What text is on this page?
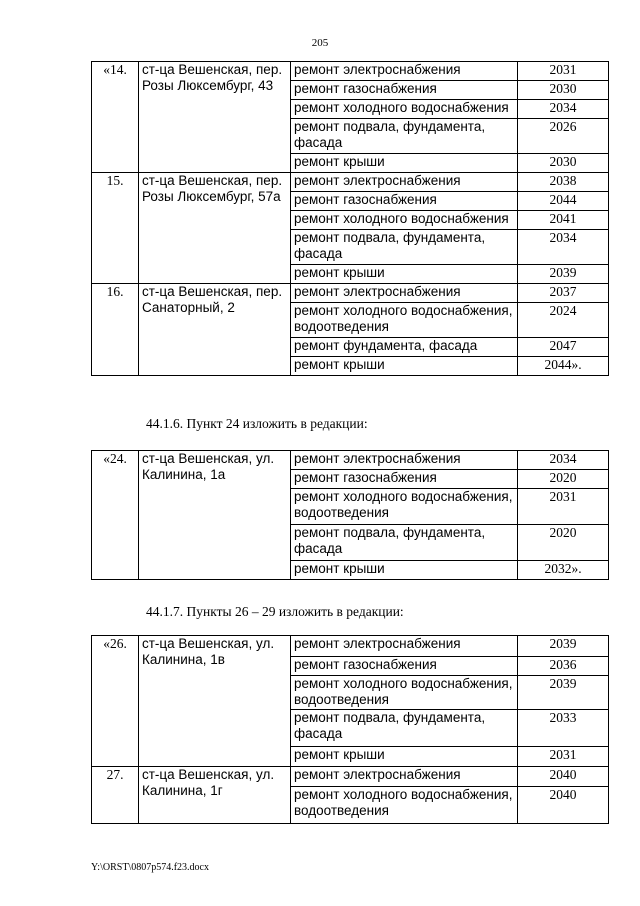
205
«14.	ст-ца Вешенская, пер. Розы Люксембург, 43	ремонт электроснабжения	2031
		ремонт газоснабжения	2030
		ремонт холодного водоснабжения	2034
		ремонт подвала, фундамента, фасада	2026
		ремонт крыши	2030
15.	ст-ца Вешенская, пер. Розы Люксембург, 57а	ремонт электроснабжения	2038
		ремонт газоснабжения	2044
		ремонт холодного водоснабжения	2041
		ремонт подвала, фундамента, фасада	2034
		ремонт крыши	2039
16.	ст-ца Вешенская, пер. Санаторный, 2	ремонт электроснабжения	2037
		ремонт холодного водоснабжения, водоотведения	2024
		ремонт фундамента, фасада	2047
		ремонт крыши	2044».
44.1.6. Пункт 24 изложить в редакции:
«24.	ст-ца Вешенская, ул. Калинина, 1а	ремонт электроснабжения	2034
		ремонт газоснабжения	2020
		ремонт холодного водоснабжения, водоотведения	2031
		ремонт подвала, фундамента, фасада	2020
		ремонт крыши	2032».
44.1.7. Пункты 26 – 29 изложить в редакции:
«26.	ст-ца Вешенская, ул. Калинина, 1в	ремонт электроснабжения	2039
		ремонт газоснабжения	2036
		ремонт холодного водоснабжения, водоотведения	2039
		ремонт подвала, фундамента, фасада	2033
		ремонт крыши	2031
27.	ст-ца Вешенская, ул. Калинина, 1г	ремонт электроснабжения	2040
		ремонт холодного водоснабжения, водоотведения	2040
Y:\ORST\0807p574.f23.docx
